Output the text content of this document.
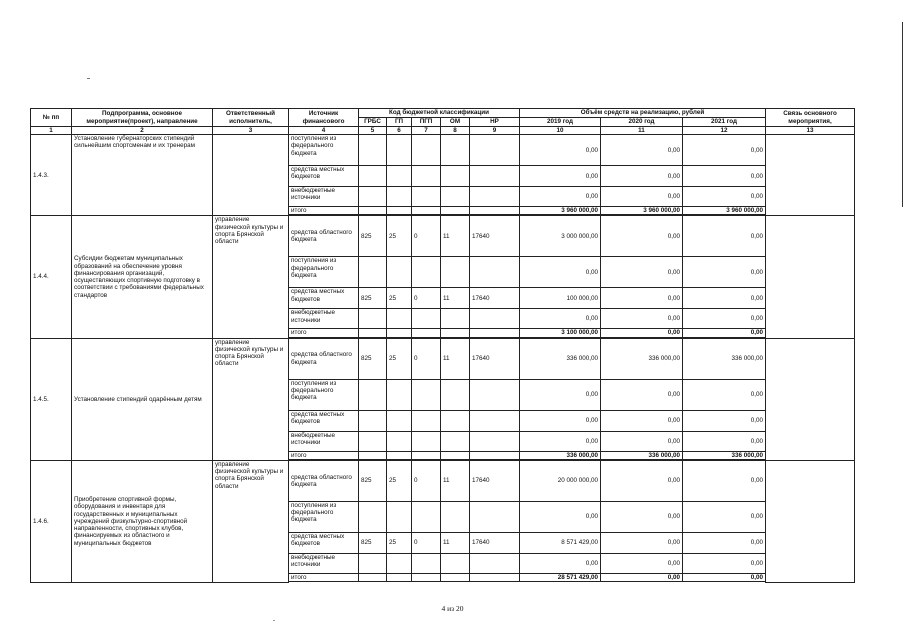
№ пп	Подпрограмма, основное мероприятие(проект), направление	Ответственный исполнитель,	Источник финансового	Код бюджетной классификации					Объём средств на реализацию, рублей			Связь основного мероприятия,
				ГРБС	ГП	ПГП	ОМ	НР	2019 год	2020 год	2021 год	
1	2	3	4	5	6	7	8	9	10	11	12	13
1.4.3.	Установление губернаторских стипендий сильнейшим спортсменам и их тренерам		поступления из федерального бюджета						0,00	0,00	0,00	
			средства местных бюджетов						0,00	0,00	0,00	
			внебюджетные источники						0,00	0,00	0,00	
			итого						3 960 000,00	3 960 000,00	3 960 000,00	

1.4.4.	Субсидии бюджетам муниципальных образований на обеспечение уровня финансирования организаций, осуществляющих спортивную подготовку в соответствии с требованиями федеральных стандартов	управление физической культуры и спорта Брянской области	средства областного бюджета	825	25	0	11	17640	3 000 000,00	0,00	0,00	
			поступления из федерального бюджета						0,00	0,00	0,00	
			средства местных бюджетов	825	25	0	11	17640	100 000,00	0,00	0,00	
			внебюджетные источники						0,00	0,00	0,00	
			итого						3 100 000,00	0,00	0,00	

1.4.5.	Установление стипендий одарённым детям	управление физической культуры и спорта Брянской области	средства областного бюджета	825	25	0	11	17640	336 000,00	336 000,00	336 000,00	
			поступления из федерального бюджета						0,00	0,00	0,00	
			средства местных бюджетов						0,00	0,00	0,00	
			внебюджетные источники						0,00	0,00	0,00	
			итого						336 000,00	336 000,00	336 000,00	

1.4.6.	Приобретение спортивной формы, оборудования и инвентаря для государственных и муниципальных учреждений физкультурно-спортивной направленности, спортивных клубов, финансируемых из областного и муниципальных бюджетов	управление физической культуры и спорта Брянской области	средства областного бюджета	825	25	0	11	17640	20 000 000,00	0,00	0,00	
			поступления из федерального бюджета						0,00	0,00	0,00	
			средства местных бюджетов	825	25	0	11	17640	8 571 429,00	0,00	0,00	
			внебюджетные источники						0,00	0,00	0,00	
			итого						28 571 429,00	0,00	0,00	

4 из 20
